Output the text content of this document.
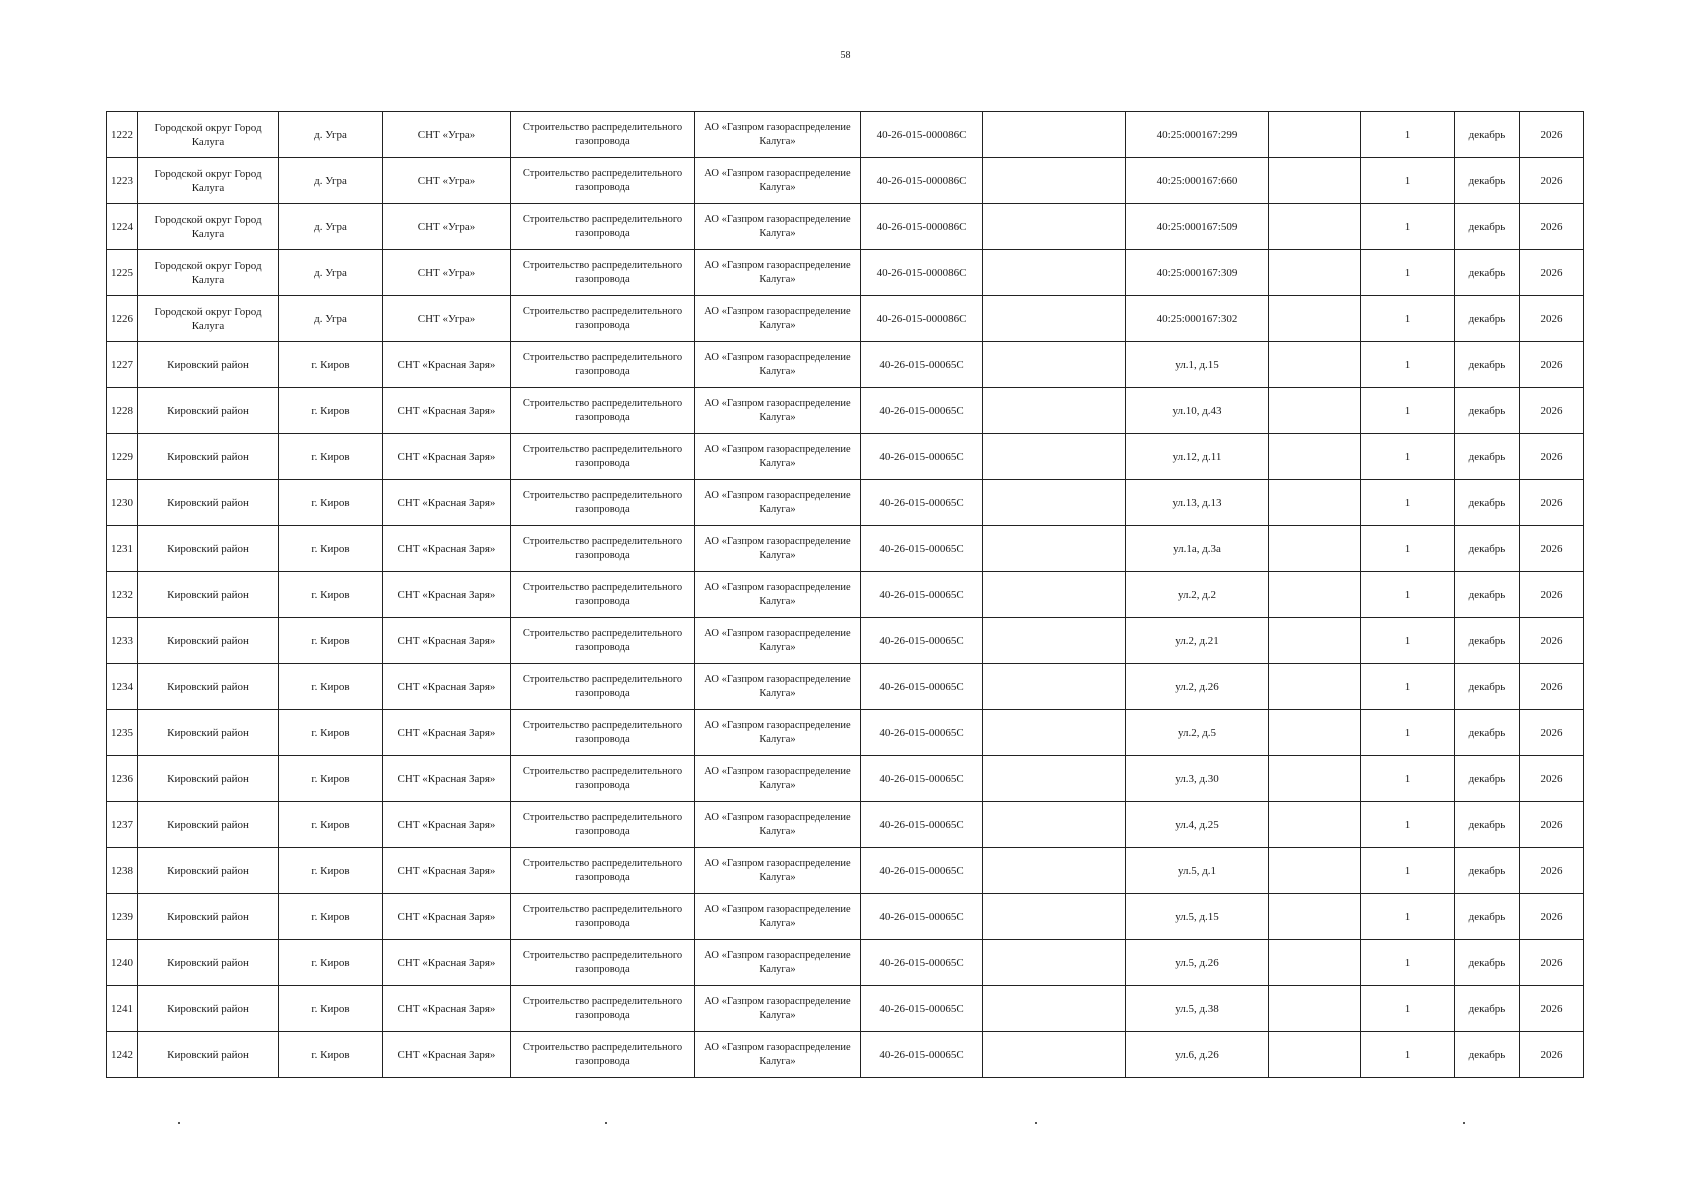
58
1222	Городской округ Город Калуга	д. Угра	СНТ «Угра»	Строительство распределительного газопровода	АО «Газпром газораспределение Калуга»	40-26-015-000086С		40:25:000167:299		1	декабрь	2026
1223	Городской округ Город Калуга	д. Угра	СНТ «Угра»	Строительство распределительного газопровода	АО «Газпром газораспределение Калуга»	40-26-015-000086С		40:25:000167:660		1	декабрь	2026
1224	Городской округ Город Калуга	д. Угра	СНТ «Угра»	Строительство распределительного газопровода	АО «Газпром газораспределение Калуга»	40-26-015-000086С		40:25:000167:509		1	декабрь	2026
1225	Городской округ Город Калуга	д. Угра	СНТ «Угра»	Строительство распределительного газопровода	АО «Газпром газораспределение Калуга»	40-26-015-000086С		40:25:000167:309		1	декабрь	2026
1226	Городской округ Город Калуга	д. Угра	СНТ «Угра»	Строительство распределительного газопровода	АО «Газпром газораспределение Калуга»	40-26-015-000086С		40:25:000167:302		1	декабрь	2026
1227	Кировский район	г. Киров	СНТ «Красная Заря»	Строительство распределительного газопровода	АО «Газпром газораспределение Калуга»	40-26-015-00065С		ул.1, д.15		1	декабрь	2026
1228	Кировский район	г. Киров	СНТ «Красная Заря»	Строительство распределительного газопровода	АО «Газпром газораспределение Калуга»	40-26-015-00065С		ул.10, д.43		1	декабрь	2026
1229	Кировский район	г. Киров	СНТ «Красная Заря»	Строительство распределительного газопровода	АО «Газпром газораспределение Калуга»	40-26-015-00065С		ул.12, д.11		1	декабрь	2026
1230	Кировский район	г. Киров	СНТ «Красная Заря»	Строительство распределительного газопровода	АО «Газпром газораспределение Калуга»	40-26-015-00065С		ул.13, д.13		1	декабрь	2026
1231	Кировский район	г. Киров	СНТ «Красная Заря»	Строительство распределительного газопровода	АО «Газпром газораспределение Калуга»	40-26-015-00065С		ул.1а, д.3а		1	декабрь	2026
1232	Кировский район	г. Киров	СНТ «Красная Заря»	Строительство распределительного газопровода	АО «Газпром газораспределение Калуга»	40-26-015-00065С		ул.2, д.2		1	декабрь	2026
1233	Кировский район	г. Киров	СНТ «Красная Заря»	Строительство распределительного газопровода	АО «Газпром газораспределение Калуга»	40-26-015-00065С		ул.2, д.21		1	декабрь	2026
1234	Кировский район	г. Киров	СНТ «Красная Заря»	Строительство распределительного газопровода	АО «Газпром газораспределение Калуга»	40-26-015-00065С		ул.2, д.26		1	декабрь	2026
1235	Кировский район	г. Киров	СНТ «Красная Заря»	Строительство распределительного газопровода	АО «Газпром газораспределение Калуга»	40-26-015-00065С		ул.2, д.5		1	декабрь	2026
1236	Кировский район	г. Киров	СНТ «Красная Заря»	Строительство распределительного газопровода	АО «Газпром газораспределение Калуга»	40-26-015-00065С		ул.3, д.30		1	декабрь	2026
1237	Кировский район	г. Киров	СНТ «Красная Заря»	Строительство распределительного газопровода	АО «Газпром газораспределение Калуга»	40-26-015-00065С		ул.4, д.25		1	декабрь	2026
1238	Кировский район	г. Киров	СНТ «Красная Заря»	Строительство распределительного газопровода	АО «Газпром газораспределение Калуга»	40-26-015-00065С		ул.5, д.1		1	декабрь	2026
1239	Кировский район	г. Киров	СНТ «Красная Заря»	Строительство распределительного газопровода	АО «Газпром газораспределение Калуга»	40-26-015-00065С		ул.5, д.15		1	декабрь	2026
1240	Кировский район	г. Киров	СНТ «Красная Заря»	Строительство распределительного газопровода	АО «Газпром газораспределение Калуга»	40-26-015-00065С		ул.5, д.26		1	декабрь	2026
1241	Кировский район	г. Киров	СНТ «Красная Заря»	Строительство распределительного газопровода	АО «Газпром газораспределение Калуга»	40-26-015-00065С		ул.5, д.38		1	декабрь	2026
1242	Кировский район	г. Киров	СНТ «Красная Заря»	Строительство распределительного газопровода	АО «Газпром газораспределение Калуга»	40-26-015-00065С		ул.6, д.26		1	декабрь	2026
